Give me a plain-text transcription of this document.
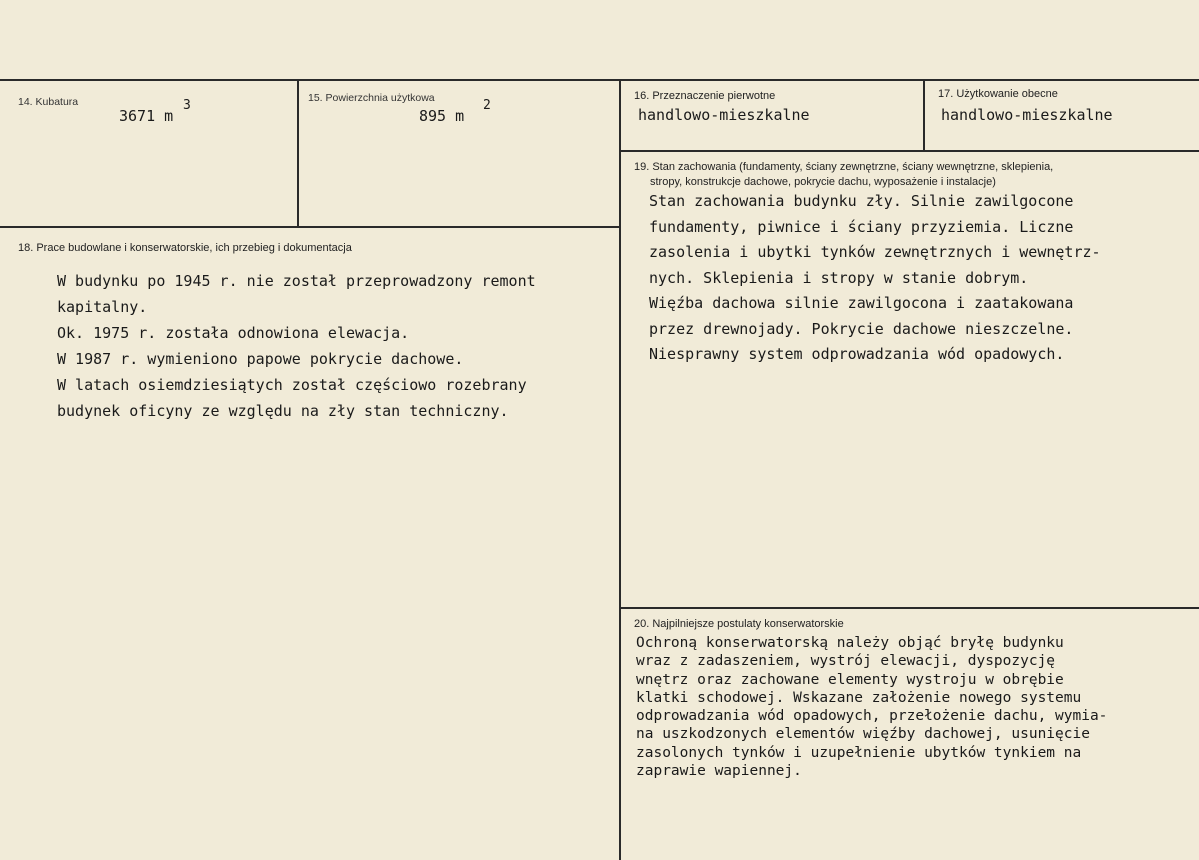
14. Kubatura
3671 m
3	15. Powierzchnia użytkowa
895 m
2
16. Przeznaczenie pierwotne
handlowo-mieszkalne
17. Użytkowanie obecne
handlowo-mieszkalne
18. Prace budowlane i konserwatorskie, ich przebieg i dokumentacja
W budynku po 1945 r. nie został przeprowadzony remont
kapitalny.
Ok. 1975 r. została odnowiona elewacja.
W 1987 r. wymieniono papowe pokrycie dachowe.
W latach osiemdziesiątych został częściowo rozebrany
budynek oficyny ze względu na zły stan techniczny.
19. Stan zachowania (fundamenty, ściany zewnętrzne, ściany wewnętrzne, sklepienia,
stropy, konstrukcje dachowe, pokrycie dachu, wyposażenie i instalacje)
Stan zachowania budynku zły. Silnie zawilgocone
fundamenty, piwnice i ściany przyziemia. Liczne
zasolenia i ubytki tynków zewnętrznych i wewnętrz-
nych. Sklepienia i stropy w stanie dobrym.
Więźba dachowa silnie zawilgocona i zaatakowana
przez drewnojady. Pokrycie dachowe nieszczelne.
Niesprawny system odprowadzania wód opadowych.
20. Najpilniejsze postulaty konserwatorskie
Ochroną konserwatorską należy objąć bryłę budynku
wraz z zadaszeniem, wystrój elewacji, dyspozycję
wnętrz oraz zachowane elementy wystroju w obrębie
klatki schodowej. Wskazane założenie nowego systemu
odprowadzania wód opadowych, przełożenie dachu, wymia-
na uszkodzonych elementów więźby dachowej, usunięcie
zasolonych tynków i uzupełnienie ubytków tynkiem na
zaprawie wapiennej.
